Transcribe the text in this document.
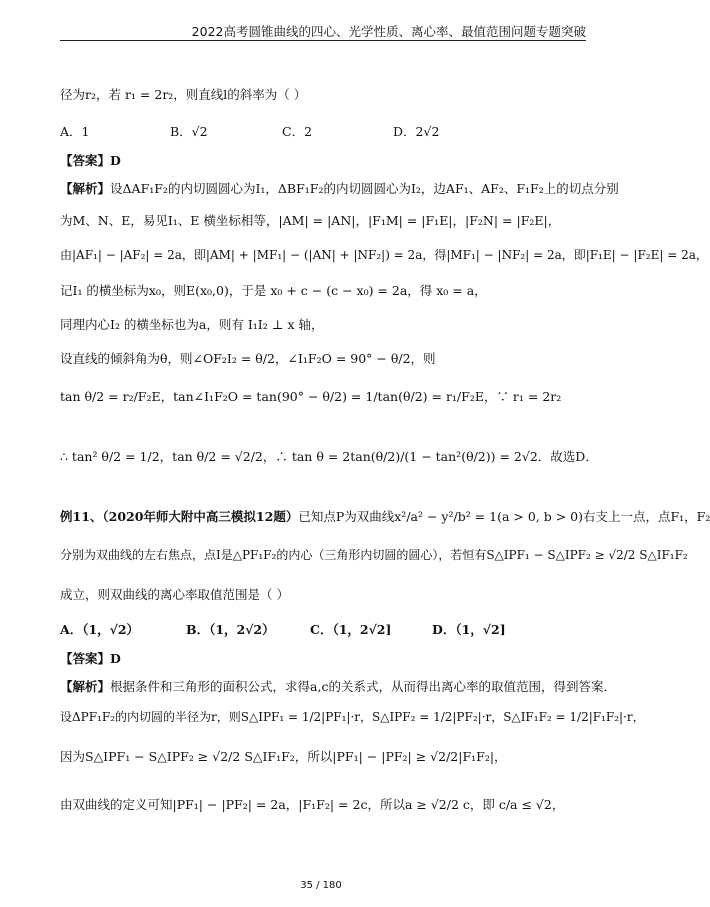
2022高考圆锥曲线的四心、光学性质、离心率、最值范围问题专题突破
径为r₂，若 r₁ = 2r₂，则直线l的斜率为（ ）
A．1	B．√2	C．2	D．2√2
【答案】D
【解析】设ΔAF₁F₂的内切圆圆心为I₁，ΔBF₁F₂的内切圆圆心为I₂，边AF₁、AF₂、F₁F₂上的切点分别
为M、N、E，易见I₁、E 横坐标相等，|AM| = |AN|，|F₁M| = |F₁E|，|F₂N| = |F₂E|，
由|AF₁| − |AF₂| = 2a，即|AM| + |MF₁| − (|AN| + |NF₂|) = 2a，得|MF₁| − |NF₂| = 2a，即|F₁E| − |F₂E| = 2a，
记I₁ 的横坐标为x₀，则E(x₀,0)，于是 x₀ + c − (c − x₀) = 2a，得 x₀ = a，
同理内心I₂ 的横坐标也为a，则有 I₁I₂ ⊥ x 轴，
设直线的倾斜角为θ，则∠OF₂I₂ = θ/2，∠I₁F₂O = 90° − θ/2，则
tan θ/2 = r₂/F₂E，tan∠I₁F₂O = tan(90° − θ/2) = 1/tan(θ/2) = r₁/F₂E，∵ r₁ = 2r₂
∴ tan² θ/2 = 1/2，tan θ/2 = √2/2，∴ tan θ = 2tan(θ/2)/(1 − tan²(θ/2)) = 2√2．故选D．
例11、（2020年师大附中高三模拟12题）已知点P为双曲线x²/a² − y²/b² = 1(a > 0, b > 0)右支上一点，点F₁，F₂
分别为双曲线的左右焦点，点I是△PF₁F₂的内心（三角形内切圆的圆心），若恒有S△IPF₁ − S△IPF₂ ≥ √2/2 S△IF₁F₂
成立，则双曲线的离心率取值范围是（ ）
A．（1，√2）	B．（1，2√2）	C．（1，2√2]	D．（1，√2]
【答案】D
【解析】根据条件和三角形的面积公式，求得a,c的关系式，从而得出离心率的取值范围，得到答案．
设ΔPF₁F₂的内切圆的半径为r，则S△IPF₁ = 1/2|PF₁|·r，S△IPF₂ = 1/2|PF₂|·r，S△IF₁F₂ = 1/2|F₁F₂|·r，
因为S△IPF₁ − S△IPF₂ ≥ √2/2 S△IF₁F₂，所以|PF₁| − |PF₂| ≥ √2/2|F₁F₂|，
由双曲线的定义可知|PF₁| − |PF₂| = 2a，|F₁F₂| = 2c，所以a ≥ √2/2 c，即 c/a ≤ √2，
35 / 180
